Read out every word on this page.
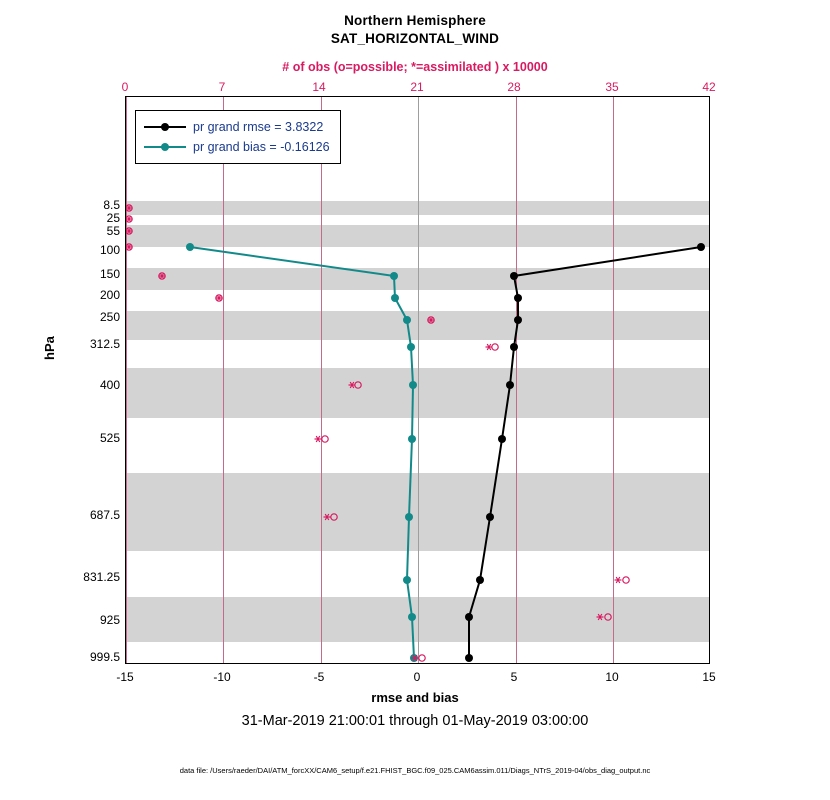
Northern Hemisphere
SAT_HORIZONTAL_WIND
# of obs (o=possible; *=assimilated ) x 10000
0	7	14	21	28	35	42
-15	-10	-5	0	5	10	15
8.5
25
55
100
150
200
250
312.5
400
525
687.5
831.25
925
999.5
hPa
rmse and bias
31-Mar-2019 21:00:01 through 01-May-2019 03:00:00
data file: /Users/raeder/DAI/ATM_forcXX/CAM6_setup/f.e21.FHIST_BGC.f09_025.CAM6assim.011/Diags_NTrS_2019-04/obs_diag_output.nc
pr grand rmse = 3.8322
pr grand bias = -0.16126
